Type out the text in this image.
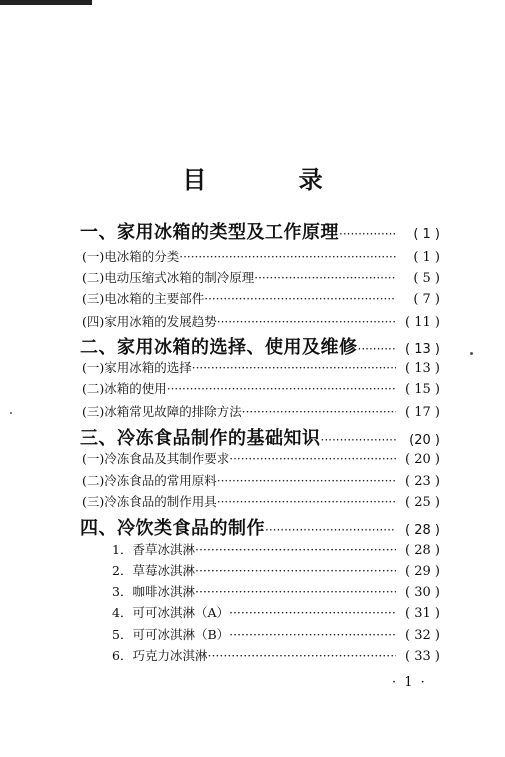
目 录
一、家用冰箱的类型及工作原理 ·····	( 1 )
(一)电冰箱的分类 ·····	( 1 )
(二)电动压缩式冰箱的制冷原理 ·····	( 5 )
(三)电冰箱的主要部件 ·····	( 7 )
(四)家用冰箱的发展趋势 ·····	( 11 )
二、家用冰箱的选择、使用及维修 ·····	( 13 )
(一)家用冰箱的选择 ·····	( 13 )
(二)冰箱的使用 ·····	( 15 )
(三)冰箱常见故障的排除方法 ·····	( 17 )
三、冷冻食品制作的基础知识 ·····	(20 )
(一)冷冻食品及其制作要求 ·····	( 20 )
(二)冷冻食品的常用原料 ·····	( 23 )
(三)冷冻食品的制作用具 ·····	( 25 )
四、冷饮类食品的制作 ·····	( 28 )
1．香草冰淇淋 ·····	( 28 )
2．草莓冰淇淋 ·····	( 29 )
3．咖啡冰淇淋 ·····	( 30 )
4．可可冰淇淋（A） ·····	( 31 )
5．可可冰淇淋（B） ·····	( 32 )
6．巧克力冰淇淋 ·····	( 33 )
· 1 ·
